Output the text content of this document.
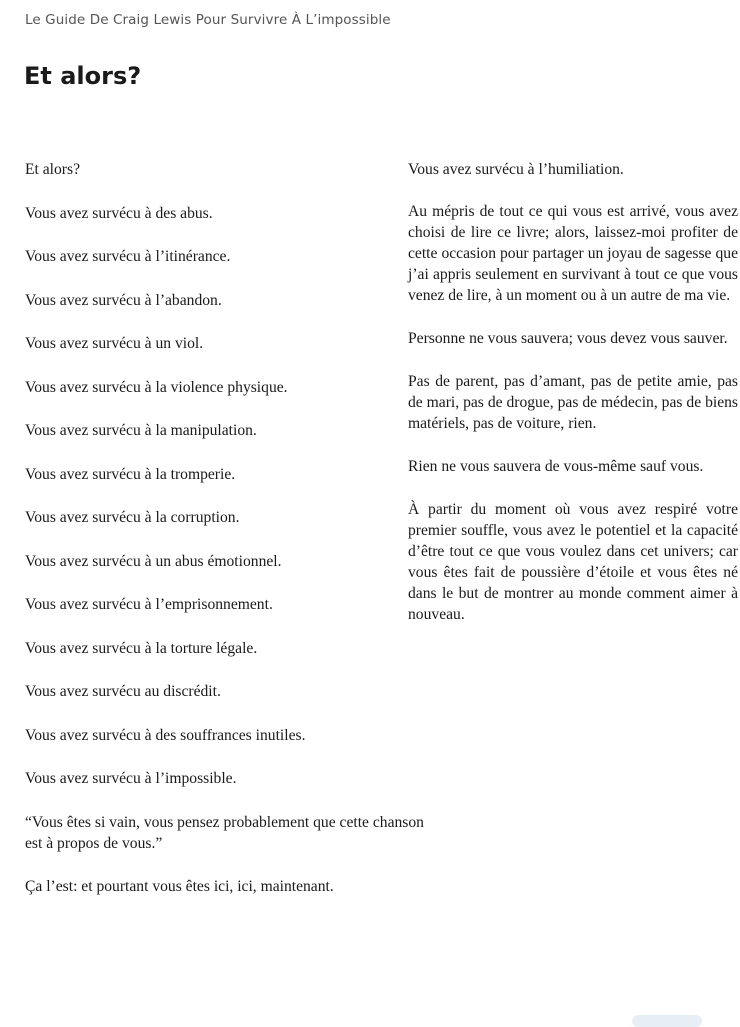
Le Guide De Craig Lewis Pour Survivre À L’impossible
Et alors?

Et alors?

Vous avez survécu à des abus.

Vous avez survécu à l’itinérance.

Vous avez survécu à l’abandon.

Vous avez survécu à un viol.

Vous avez survécu à la violence physique.

Vous avez survécu à la manipulation.

Vous avez survécu à la tromperie.

Vous avez survécu à la corruption.

Vous avez survécu à un abus émotionnel.

Vous avez survécu à l’emprisonnement.

Vous avez survécu à la torture légale.

Vous avez survécu au discrédit.

Vous avez survécu à des souffrances inutiles.

Vous avez survécu à l’impossible.

“Vous êtes si vain, vous pensez probablement que cette chanson
est à propos de vous.”

Ça l’est: et pourtant vous êtes ici, ici, maintenant.

Vous avez survécu à l’humiliation.

Au mépris de tout ce qui vous est arrivé, vous avez choisi de lire ce livre; alors, laissez-moi profiter de cette occasion pour partager un joyau de sagesse que j’ai appris seulement en survivant à tout ce que vous venez de lire, à un moment ou à un autre de ma vie.

Personne ne vous sauvera; vous devez vous sauver.

Pas de parent, pas d’amant, pas de petite amie, pas de mari, pas de drogue, pas de médecin, pas de biens matériels, pas de voiture, rien.

Rien ne vous sauvera de vous-même sauf vous.

À partir du moment où vous avez respiré votre premier souffle, vous avez le potentiel et la capacité d’être tout ce que vous voulez dans cet univers; car vous êtes fait de poussière d’étoile et vous êtes né dans le but de montrer au monde comment aimer à nouveau.
